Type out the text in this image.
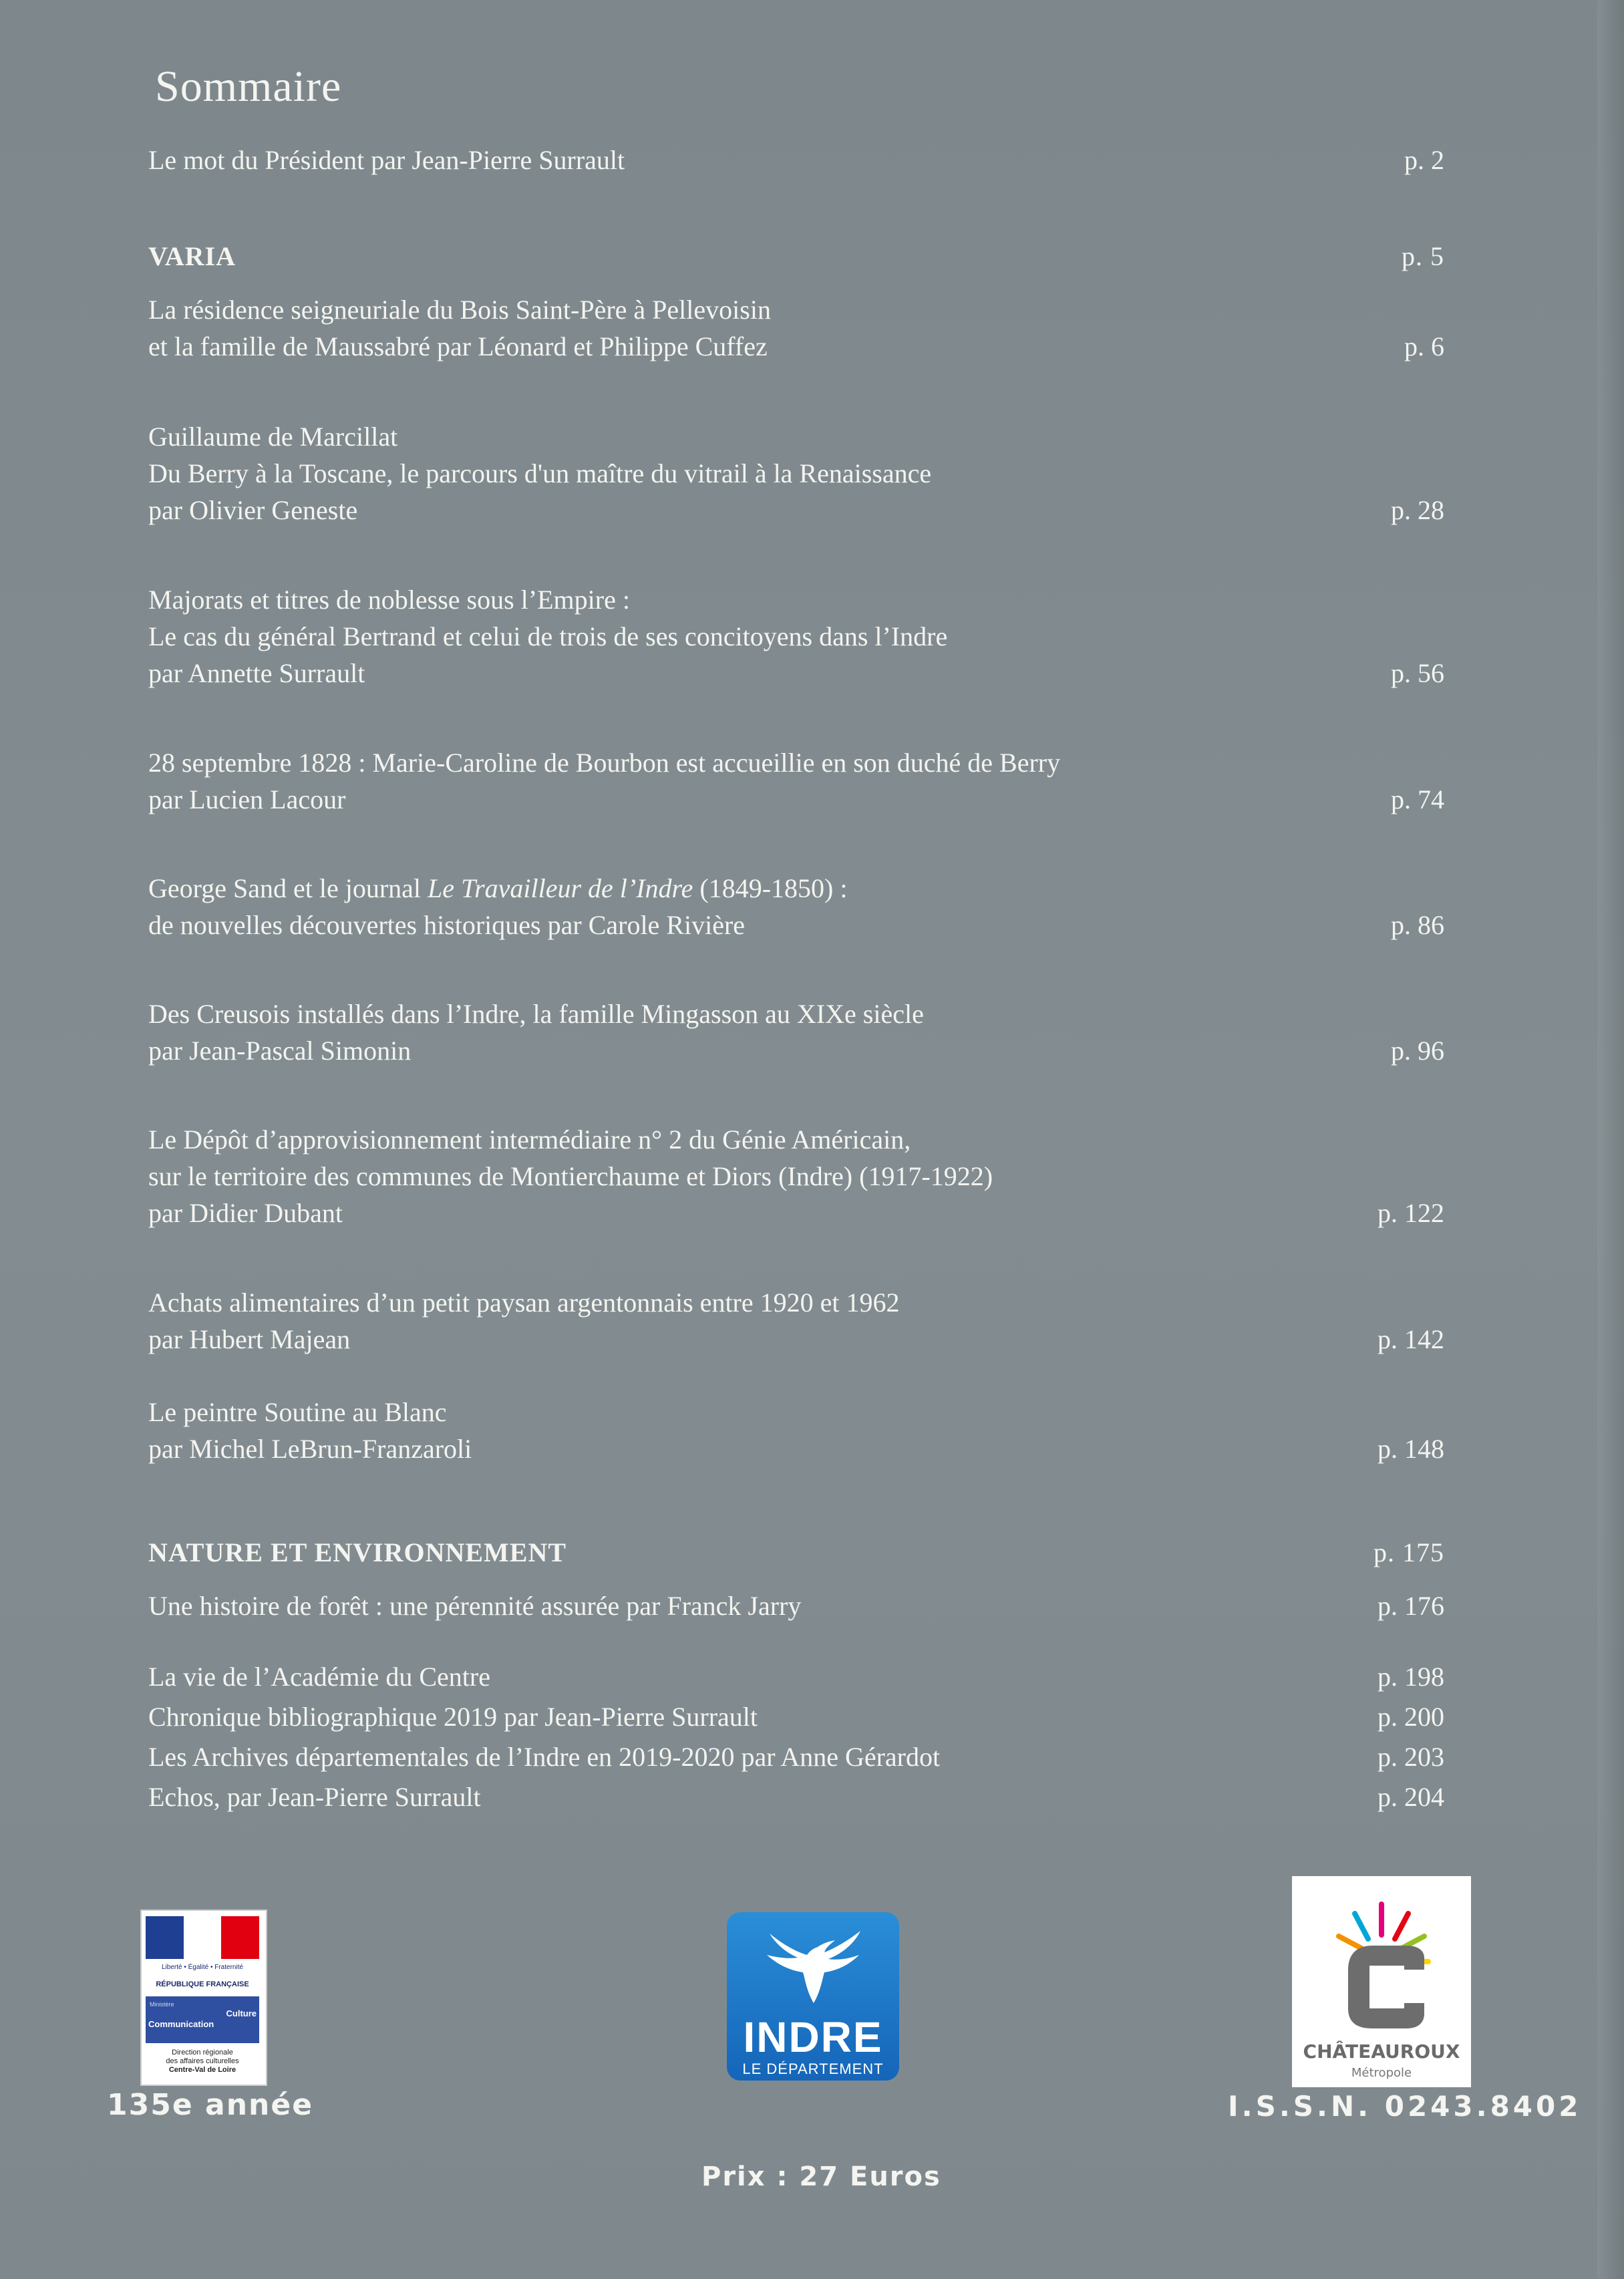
Sommaire
Le mot du Président par Jean-Pierre Surrault	p. 2
VARIA	p. 5
La résidence seigneuriale du Bois Saint-Père à Pellevoisin
et la famille de Maussabré par Léonard et Philippe Cuffez	p. 6
Guillaume de Marcillat
Du Berry à la Toscane, le parcours d'un maître du vitrail à la Renaissance
par Olivier Geneste	p. 28
Majorats et titres de noblesse sous l’Empire :
Le cas du général Bertrand et celui de trois de ses concitoyens dans l’Indre
par Annette Surrault	p. 56
28 septembre 1828 : Marie-Caroline de Bourbon est accueillie en son duché de Berry
par Lucien Lacour	p. 74
George Sand et le journal Le Travailleur de l’Indre (1849-1850) :
de nouvelles découvertes historiques par Carole Rivière	p. 86
Des Creusois installés dans l’Indre, la famille Mingasson au XIXe siècle
par Jean-Pascal Simonin	p. 96
Le Dépôt d’approvisionnement intermédiaire n° 2 du Génie Américain,
sur le territoire des communes de Montierchaume et Diors (Indre) (1917-1922)
par Didier Dubant	p. 122
Achats alimentaires d’un petit paysan argentonnais entre 1920 et 1962
par Hubert Majean	p. 142
Le peintre Soutine au Blanc
par Michel LeBrun-Franzaroli	p. 148
NATURE ET ENVIRONNEMENT	p. 175
Une histoire de forêt : une pérennité assurée par Franck Jarry	p. 176
La vie de l’Académie du Centre	p. 198
Chronique bibliographique 2019 par Jean-Pierre Surrault	p. 200
Les Archives départementales de l’Indre en 2019-2020 par Anne Gérardot	p. 203
Echos, par Jean-Pierre Surrault	p. 204
Liberté • Égalité • Fraternité
RÉPUBLIQUE FRANÇAISE
Ministère
Culture
Communication
Direction régionale
des affaires culturelles
Centre-Val de Loire
135e année
INDRE
LE DÉPARTEMENT
CHÂTEAUROUX
Métropole
I.S.S.N. 0243.8402
Prix : 27 Euros
